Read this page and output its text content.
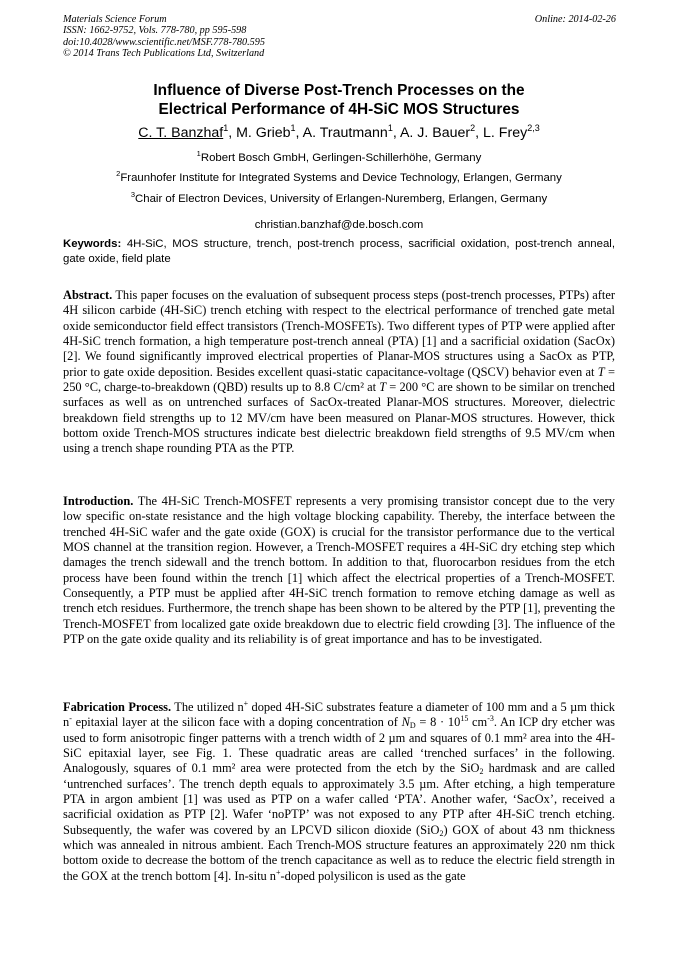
Materials Science Forum
ISSN: 1662-9752, Vols. 778-780, pp 595-598
doi:10.4028/www.scientific.net/MSF.778-780.595
© 2014 Trans Tech Publications Ltd, Switzerland
Online: 2014-02-26
Influence of Diverse Post-Trench Processes on the
Electrical Performance of 4H-SiC MOS Structures
C. T. Banzhaf$^1$, M. Grieb$^1$, A. Trautmann$^1$, A. J. Bauer$^2$, L. Frey$^{2,3}$
$^1$Robert Bosch GmbH, Gerlingen-Schillerhöhe, Germany
$^2$Fraunhofer Institute for Integrated Systems and Device Technology, Erlangen, Germany
$^3$Chair of Electron Devices, University of Erlangen-Nuremberg, Erlangen, Germany
christian.banzhaf@de.bosch.com
Keywords: 4H-SiC, MOS structure, trench, post-trench process, sacrificial oxidation, post-trench anneal, gate oxide, field plate
Abstract. This paper focuses on the evaluation of subsequent process steps (post-trench processes, PTPs) after 4H silicon carbide (4H-SiC) trench etching with respect to the electrical performance of trenched gate metal oxide semiconductor field effect transistors (Trench-MOSFETs). Two different types of PTP were applied after 4H-SiC trench formation, a high temperature post-trench anneal (PTA) [1] and a sacrificial oxidation (SacOx) [2]. We found significantly improved electrical properties of Planar-MOS structures using a SacOx as PTP, prior to gate oxide deposition. Besides excellent quasi-static capacitance-voltage (QSCV) behavior even at T = 250 °C, charge-to-breakdown (QBD) results up to 8.8 C/cm² at T = 200 °C are shown to be similar on trenched surfaces as well as on untrenched surfaces of SacOx-treated Planar-MOS structures. Moreover, dielectric breakdown field strengths up to 12 MV/cm have been measured on Planar-MOS structures. However, thick bottom oxide Trench-MOS structures indicate best dielectric breakdown field strengths of 9.5 MV/cm when using a trench shape rounding PTA as the PTP.
Introduction. The 4H-SiC Trench-MOSFET represents a very promising transistor concept due to the very low specific on-state resistance and the high voltage blocking capability. Thereby, the interface between the trenched 4H-SiC wafer and the gate oxide (GOX) is crucial for the transistor performance due to the vertical MOS channel at the transition region. However, a Trench-MOSFET requires a 4H-SiC dry etching step which damages the trench sidewall and the trench bottom. In addition to that, fluorocarbon residues from the etch process have been found within the trench [1] which affect the electrical properties of a Trench-MOSFET. Consequently, a PTP must be applied after 4H-SiC trench formation to remove etching damage as well as trench etch residues. Furthermore, the trench shape has been shown to be altered by the PTP [1], preventing the Trench-MOSFET from localized gate oxide breakdown due to electric field crowding [3]. The influence of the PTP on the gate oxide quality and its reliability is of great importance and has to be investigated.
Fabrication Process. The utilized n+ doped 4H-SiC substrates feature a diameter of 100 mm and a 5 µm thick n- epitaxial layer at the silicon face with a doping concentration of $N_D = 8 \cdot 10^{15}$ $cm^{-3}$. An ICP dry etcher was used to form anisotropic finger patterns with a trench width of 2 µm and squares of 0.1 mm² area into the 4H-SiC epitaxial layer, see Fig. 1. These quadratic areas are called ‘trenched surfaces’ in the following. Analogously, squares of 0.1 mm² area were protected from the etch by the SiO$_2$ hardmask and are called ‘untrenched surfaces’. The trench depth equals to approximately 3.5 µm. After etching, a high temperature PTA in argon ambient [1] was used as PTP on a wafer called ‘PTA’. Another wafer, ‘SacOx’, received a sacrificial oxidation as PTP [2]. Wafer ‘noPTP’ was not exposed to any PTP after 4H-SiC trench etching. Subsequently, the wafer was covered by an LPCVD silicon dioxide (SiO$_2$) GOX of about 43 nm thickness which was annealed in nitrous ambient. Each Trench-MOS structure features an approximately 220 nm thick bottom oxide to decrease the bottom of the trench capacitance as well as to reduce the electric field strength in the GOX at the trench bottom [4]. In-situ n+-doped polysilicon is used as the gate
